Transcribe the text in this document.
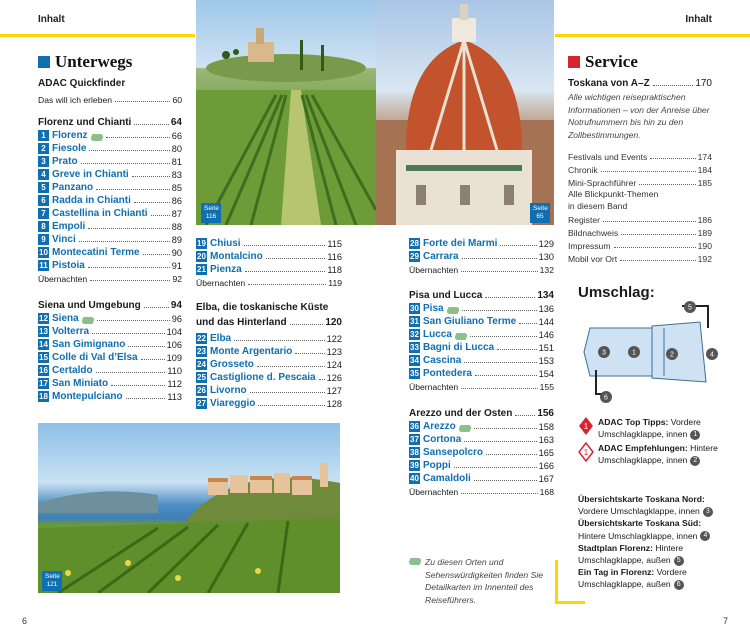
Inhalt	Inhalt
Seite
116
Seite
65
Seite
121
Unterwegs
ADAC Quickfinder
Das will ich erleben	60
Florenz und Chianti	64
1 Florenz	66
2 Fiesole	80
3 Prato	81
4 Greve in Chianti	83
5 Panzano	85
6 Radda in Chianti	86
7 Castellina in Chianti	87
8 Empoli	88
9 Vinci	89
10 Montecatini Terme	90
11 Pistoia	91
Übernachten	92
Siena und Umgebung	94
12 Siena	96
13 Volterra	104
14 San Gimignano	106
15 Colle di Val d’Elsa	109
16 Certaldo	110
17 San Miniato	112
18 Montepulciano	113
19 Chiusi	115
20 Montalcino	116
21 Pienza	118
Übernachten	119
Elba, die toskanische Küste
und das Hinterland	120
22 Elba	122
23 Monte Argentario	123
24 Grosseto	124
25 Castiglione d. Pescaia 126
26 Livorno	127
27 Viareggio	128
28 Forte dei Marmi	129
29 Carrara	130
Übernachten	132
Pisa und Lucca	134
30 Pisa	136
31 San Giuliano Terme 144
32 Lucca	146
33 Bagni di Lucca	151
34 Cascina	153
35 Pontedera	154
Übernachten	155
Arezzo und der Osten 156
36 Arezzo	158
37 Cortona	163
38 Sansepolcro	165
39 Poppi	166
40 Camaldoli	167
Übernachten	168
Zu diesen Orten und Sehenswürdigkeiten finden Sie Detailkarten im Innenteil des Reiseführers.
Service
Toskana von A–Z	170
Alle wichtigen reisepraktischen Informationen – von der Anreise über Notrufnummern bis hin zu den Zollbestimmungen.
Festivals und Events	174
Chronik	184
Mini-Sprachführer	185
Alle Blickpunkt-Themen
in diesem Band
Register	186
Bildnachweis	189
Impressum	190
Mobil vor Ort	192
Umschlag:
1	2
3	4
5
6
1 ADAC Top Tipps: Vordere
Umschlagklappe, innen 1
1 ADAC Empfehlungen: Hintere
Umschlagklappe, innen 2
Übersichtskarte Toskana Nord:
Vordere Umschlagklappe, innen 3
Übersichtskarte Toskana Süd:
Hintere Umschlagklappe, innen 4
Stadtplan Florenz: Hintere
Umschlagklappe, außen 5
Ein Tag in Florenz: Vordere
Umschlagklappe, außen 6
6	7
